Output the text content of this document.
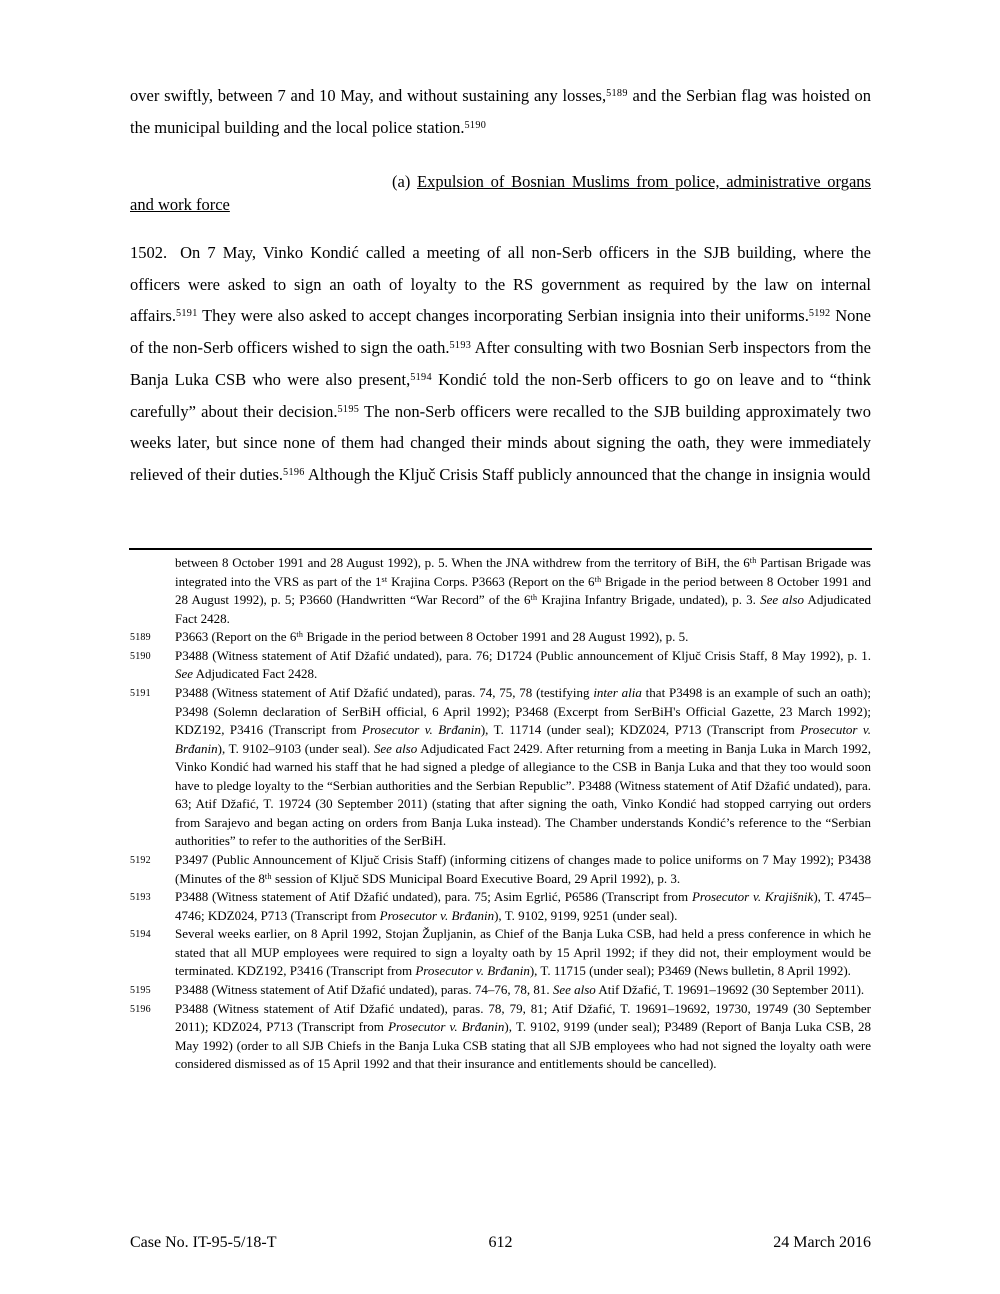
over swiftly, between 7 and 10 May, and without sustaining any losses,$^{5189}$ and the Serbian flag was hoisted on the municipal building and the local police station.$^{5190}$

(a) Expulsion of Bosnian Muslims from police, administrative organs and work force

1502. On 7 May, Vinko Kondić called a meeting of all non-Serb officers in the SJB building, where the officers were asked to sign an oath of loyalty to the RS government as required by the law on internal affairs.$^{5191}$ They were also asked to accept changes incorporating Serbian insignia into their uniforms.$^{5192}$ None of the non-Serb officers wished to sign the oath.$^{5193}$ After consulting with two Bosnian Serb inspectors from the Banja Luka CSB who were also present,$^{5194}$ Kondić told the non-Serb officers to go on leave and to “think carefully” about their decision.$^{5195}$ The non-Serb officers were recalled to the SJB building approximately two weeks later, but since none of them had changed their minds about signing the oath, they were immediately relieved of their duties.$^{5196}$ Although the Ključ Crisis Staff publicly announced that the change in insignia would

between 8 October 1991 and 28 August 1992), p. 5. When the JNA withdrew from the territory of BiH, the 6th Partisan Brigade was integrated into the VRS as part of the 1st Krajina Corps. P3663 (Report on the 6th Brigade in the period between 8 October 1991 and 28 August 1992), p. 5; P3660 (Handwritten “War Record” of the 6th Krajina Infantry Brigade, undated), p. 3. See also Adjudicated Fact 2428.
5189 P3663 (Report on the 6th Brigade in the period between 8 October 1991 and 28 August 1992), p. 5.
5190 P3488 (Witness statement of Atif Džafić undated), para. 76; D1724 (Public announcement of Ključ Crisis Staff, 8 May 1992), p. 1. See Adjudicated Fact 2428.
5191 P3488 (Witness statement of Atif Džafić undated), paras. 74, 75, 78 (testifying inter alia that P3498 is an example of such an oath); P3498 (Solemn declaration of SerBiH official, 6 April 1992); P3468 (Excerpt from SerBiH's Official Gazette, 23 March 1992); KDZ192, P3416 (Transcript from Prosecutor v. Brđanin), T. 11714 (under seal); KDZ024, P713 (Transcript from Prosecutor v. Brđanin), T. 9102–9103 (under seal). See also Adjudicated Fact 2429. After returning from a meeting in Banja Luka in March 1992, Vinko Kondić had warned his staff that he had signed a pledge of allegiance to the CSB in Banja Luka and that they too would soon have to pledge loyalty to the “Serbian authorities and the Serbian Republic”. P3488 (Witness statement of Atif Džafić undated), para. 63; Atif Džafić, T. 19724 (30 September 2011) (stating that after signing the oath, Vinko Kondić had stopped carrying out orders from Sarajevo and began acting on orders from Banja Luka instead). The Chamber understands Kondić’s reference to the “Serbian authorities” to refer to the authorities of the SerBiH.
5192 P3497 (Public Announcement of Ključ Crisis Staff) (informing citizens of changes made to police uniforms on 7 May 1992); P3438 (Minutes of the 8th session of Ključ SDS Municipal Board Executive Board, 29 April 1992), p. 3.
5193 P3488 (Witness statement of Atif Džafić undated), para. 75; Asim Egrlić, P6586 (Transcript from Prosecutor v. Krajišnik), T. 4745–4746; KDZ024, P713 (Transcript from Prosecutor v. Brđanin), T. 9102, 9199, 9251 (under seal).
5194 Several weeks earlier, on 8 April 1992, Stojan Župljanin, as Chief of the Banja Luka CSB, had held a press conference in which he stated that all MUP employees were required to sign a loyalty oath by 15 April 1992; if they did not, their employment would be terminated. KDZ192, P3416 (Transcript from Prosecutor v. Brđanin), T. 11715 (under seal); P3469 (News bulletin, 8 April 1992).
5195 P3488 (Witness statement of Atif Džafić undated), paras. 74–76, 78, 81. See also Atif Džafić, T. 19691–19692 (30 September 2011).
5196 P3488 (Witness statement of Atif Džafić undated), paras. 78, 79, 81; Atif Džafić, T. 19691–19692, 19730, 19749 (30 September 2011); KDZ024, P713 (Transcript from Prosecutor v. Brđanin), T. 9102, 9199 (under seal); P3489 (Report of Banja Luka CSB, 28 May 1992) (order to all SJB Chiefs in the Banja Luka CSB stating that all SJB employees who had not signed the loyalty oath were considered dismissed as of 15 April 1992 and that their insurance and entitlements should be cancelled).
Case No. IT-95-5/18-T	612	24 March 2016
